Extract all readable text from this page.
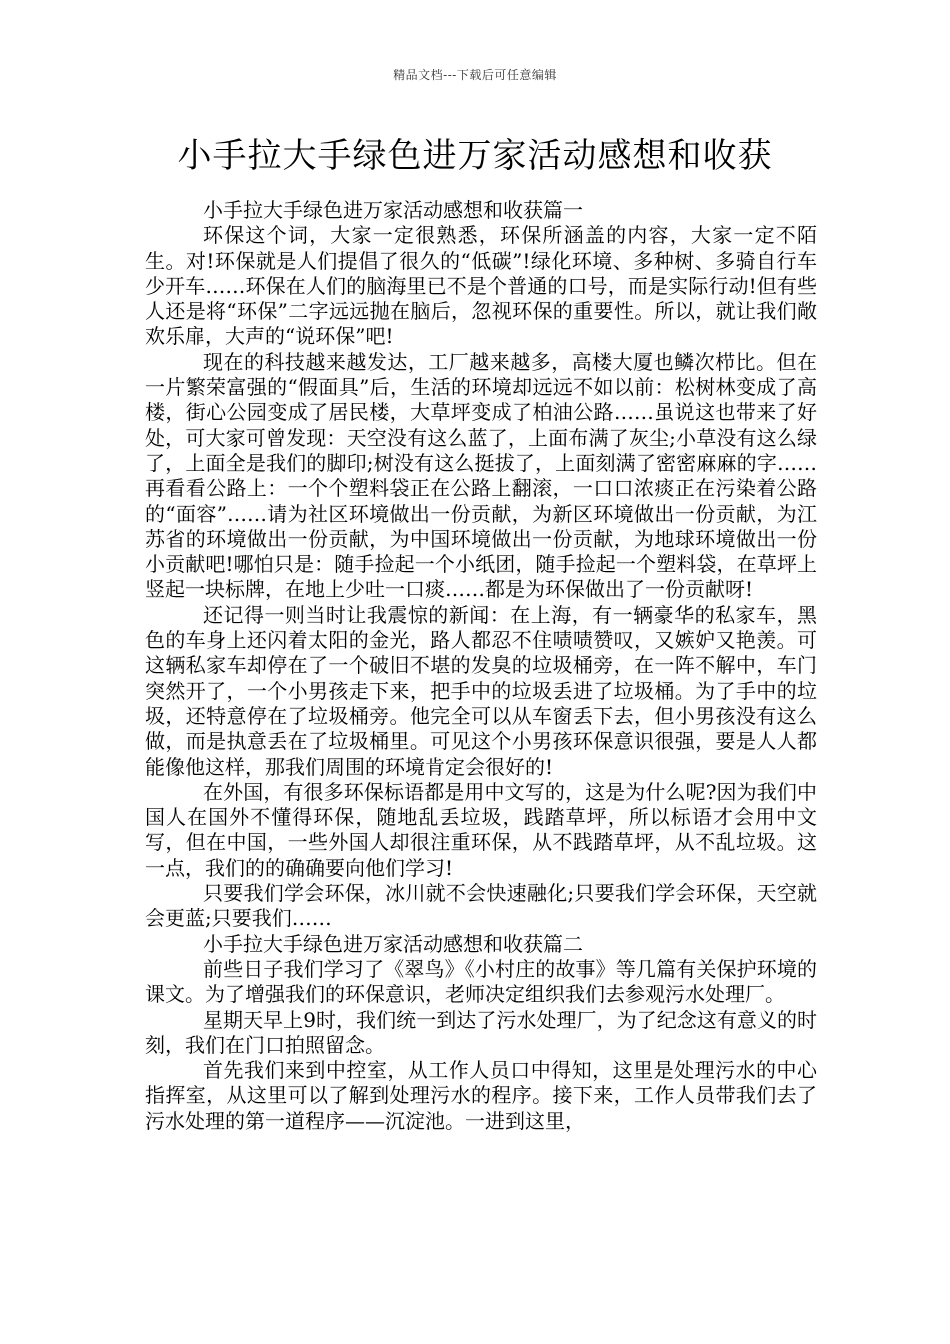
精品文档---下载后可任意编辑
小手拉大手绿色进万家活动感想和收获

小手拉大手绿色进万家活动感想和收获篇一

环保这个词，大家一定很熟悉，环保所涵盖的内容，大家一定不陌生。对!环保就是人们提倡了很久的“低碳”!绿化环境、多种树、多骑自行车少开车……环保在人们的脑海里已不是个普通的口号，而是实际行动!但有些人还是将“环保”二字远远抛在脑后，忽视环保的重要性。所以，就让我们敞欢乐扉，大声的“说环保”吧!

现在的科技越来越发达，工厂越来越多，高楼大厦也鳞次栉比。但在一片繁荣富强的“假面具”后，生活的环境却远远不如以前：松树林变成了高楼，街心公园变成了居民楼，大草坪变成了柏油公路……虽说这也带来了好处，可大家可曾发现：天空没有这么蓝了，上面布满了灰尘;小草没有这么绿了，上面全是我们的脚印;树没有这么挺拔了，上面刻满了密密麻麻的字……再看看公路上：一个个塑料袋正在公路上翻滚，一口口浓痰正在污染着公路的“面容”……请为社区环境做出一份贡献，为新区环境做出一份贡献，为江苏省的环境做出一份贡献，为中国环境做出一份贡献，为地球环境做出一份小贡献吧!哪怕只是：随手捡起一个小纸团，随手捡起一个塑料袋，在草坪上竖起一块标牌，在地上少吐一口痰……都是为环保做出了一份贡献呀!

还记得一则当时让我震惊的新闻：在上海，有一辆豪华的私家车，黑色的车身上还闪着太阳的金光，路人都忍不住啧啧赞叹，又嫉妒又艳羡。可这辆私家车却停在了一个破旧不堪的发臭的垃圾桶旁，在一阵不解中，车门突然开了，一个小男孩走下来，把手中的垃圾丢进了垃圾桶。为了手中的垃圾，还特意停在了垃圾桶旁。他完全可以从车窗丢下去，但小男孩没有这么做，而是执意丢在了垃圾桶里。可见这个小男孩环保意识很强，要是人人都能像他这样，那我们周围的环境肯定会很好的!

在外国，有很多环保标语都是用中文写的，这是为什么呢?因为我们中国人在国外不懂得环保，随地乱丢垃圾，践踏草坪，所以标语才会用中文写，但在中国，一些外国人却很注重环保，从不践踏草坪，从不乱垃圾。这一点，我们的的确确要向他们学习!

只要我们学会环保，冰川就不会快速融化;只要我们学会环保，天空就会更蓝;只要我们……

小手拉大手绿色进万家活动感想和收获篇二

前些日子我们学习了《翠鸟》《小村庄的故事》等几篇有关保护环境的课文。为了增强我们的环保意识，老师决定组织我们去参观污水处理厂。

星期天早上9时，我们统一到达了污水处理厂，为了纪念这有意义的时刻，我们在门口拍照留念。

首先我们来到中控室，从工作人员口中得知，这里是处理污水的中心指挥室，从这里可以了解到处理污水的程序。接下来，工作人员带我们去了污水处理的第一道程序——沉淀池。一进到这里，
